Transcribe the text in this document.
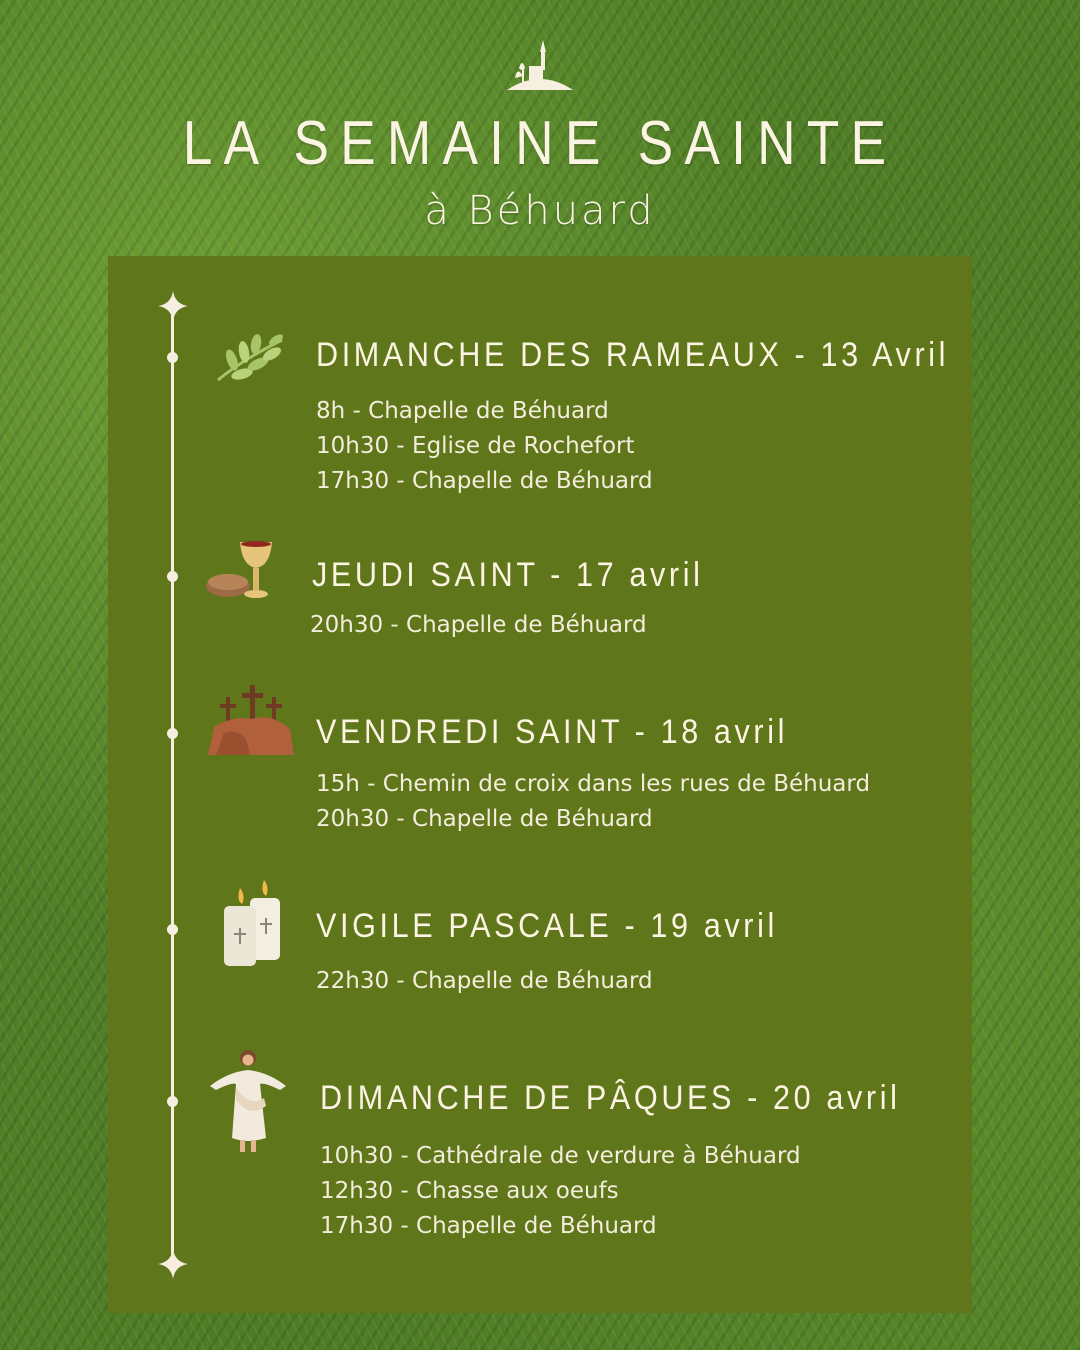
LA SEMAINE SAINTE
à Béhuard
DIMANCHE DES RAMEAUX - 13 Avril
8h - Chapelle de Béhuard
10h30 - Eglise de Rochefort
17h30 - Chapelle de Béhuard
JEUDI SAINT - 17 avril
20h30 - Chapelle de Béhuard
VENDREDI SAINT - 18 avril
15h - Chemin de croix dans les rues de Béhuard
20h30 - Chapelle de Béhuard
VIGILE PASCALE - 19 avril
22h30 - Chapelle de Béhuard
DIMANCHE DE PÂQUES - 20 avril
10h30 - Cathédrale de verdure à Béhuard
12h30 - Chasse aux oeufs
17h30 - Chapelle de Béhuard
